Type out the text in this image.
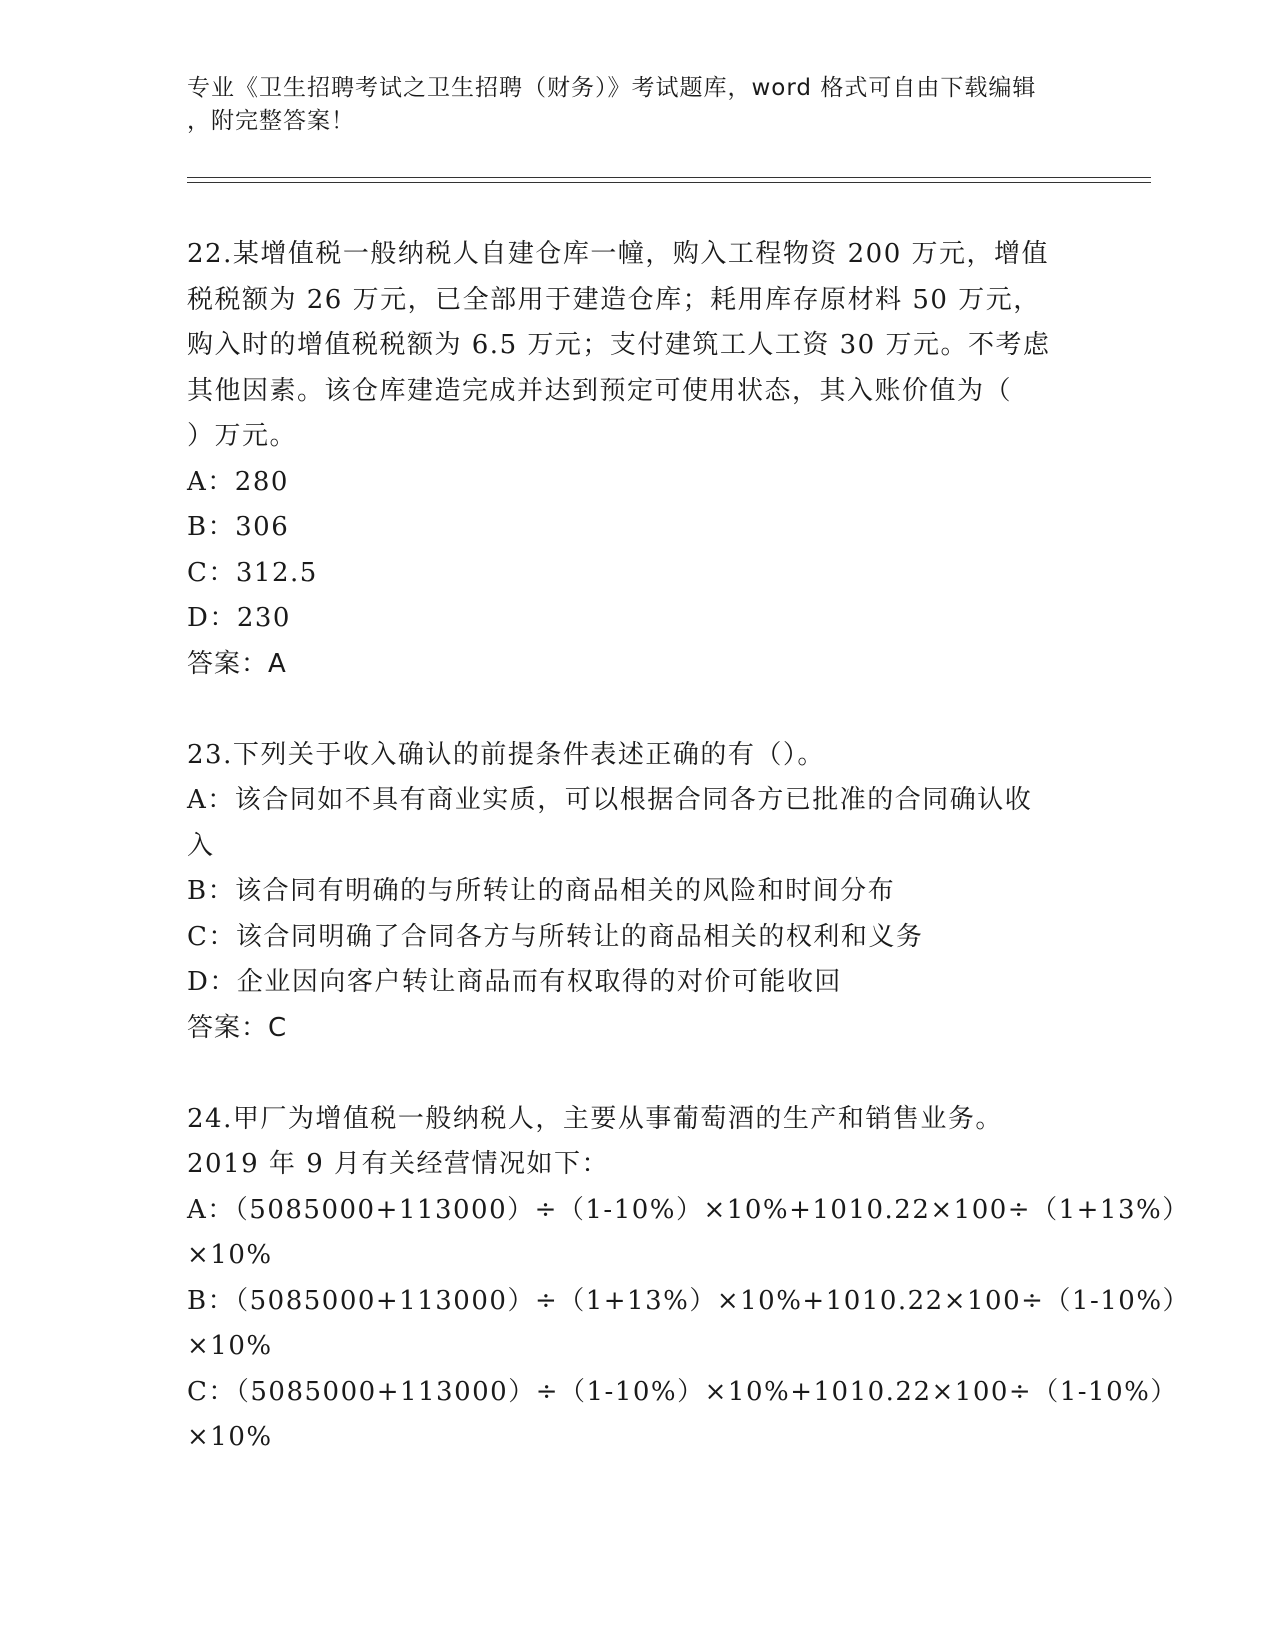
专业《卫生招聘考试之卫生招聘（财务）》考试题库，word 格式可自由下载编辑
，附完整答案！
22.某增值税一般纳税人自建仓库一幢，购入工程物资 200 万元，增值
税税额为 26 万元，已全部用于建造仓库；耗用库存原材料 50 万元，
购入时的增值税税额为 6.5 万元；支付建筑工人工资 30 万元。不考虑
其他因素。该仓库建造完成并达到预定可使用状态，其入账价值为（
）万元。
A：280
B：306
C：312.5
D：230
答案：A
23.下列关于收入确认的前提条件表述正确的有（）。
A：该合同如不具有商业实质，可以根据合同各方已批准的合同确认收
入
B：该合同有明确的与所转让的商品相关的风险和时间分布
C：该合同明确了合同各方与所转让的商品相关的权利和义务
D：企业因向客户转让商品而有权取得的对价可能收回
答案：C
24.甲厂为增值税一般纳税人，主要从事葡萄酒的生产和销售业务。
2019 年 9 月有关经营情况如下：
A：（5085000+113000）÷（1-10%）×10%+1010.22×100÷（1+13%）
×10%
B：（5085000+113000）÷（1+13%）×10%+1010.22×100÷（1-10%）
×10%
C：（5085000+113000）÷（1-10%）×10%+1010.22×100÷（1-10%）
×10%
